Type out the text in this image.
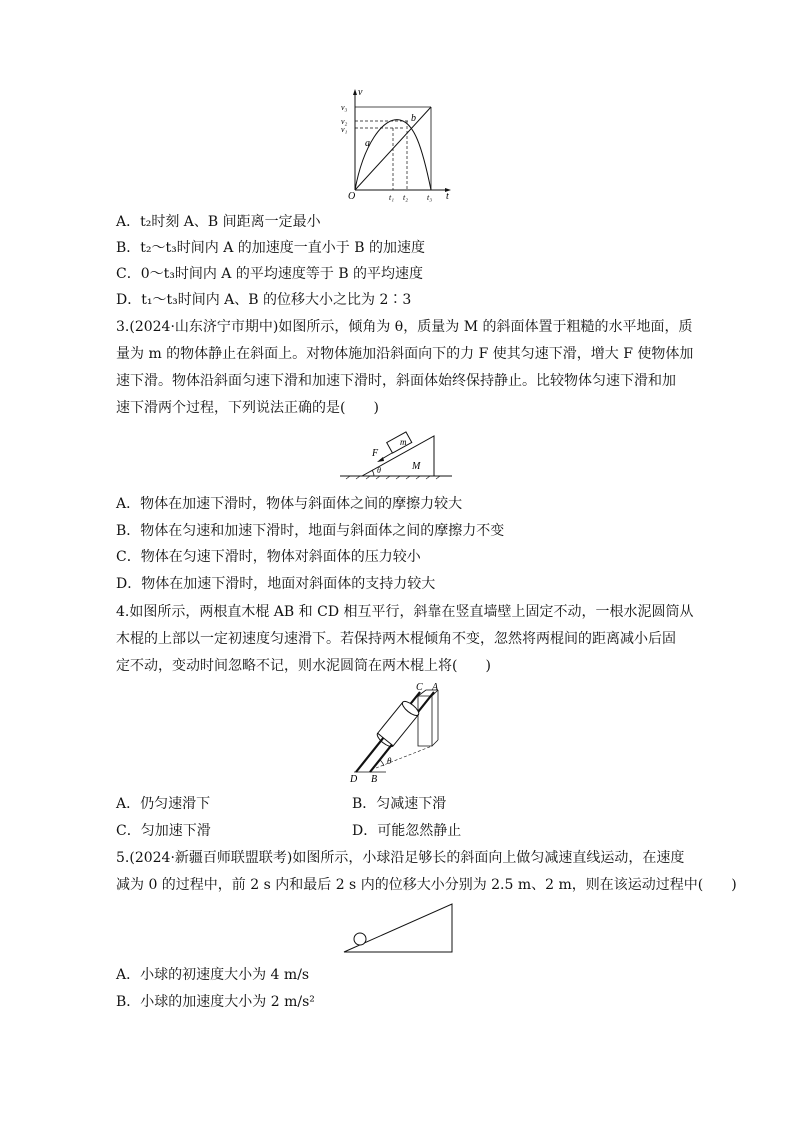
v
t
O
v₃
v₂
v₁
t₁ t₂ t₃
a
b
A．t₂时刻 A、B 间距离一定最小
B．t₂～t₃时间内 A 的加速度一直小于 B 的加速度
C．0～t₃时间内 A 的平均速度等于 B 的平均速度
D．t₁～t₃时间内 A、B 的位移大小之比为 2∶3
3.(2024·山东济宁市期中)如图所示，倾角为 θ，质量为 M 的斜面体置于粗糙的水平地面，质
量为 m 的物体静止在斜面上。对物体施加沿斜面向下的力 F 使其匀速下滑，增大 F 使物体加
速下滑。物体沿斜面匀速下滑和加速下滑时，斜面体始终保持静止。比较物体匀速下滑和加
速下滑两个过程，下列说法正确的是(　　)
F
m
M
θ
A．物体在加速下滑时，物体与斜面体之间的摩擦力较大
B．物体在匀速和加速下滑时，地面与斜面体之间的摩擦力不变
C．物体在匀速下滑时，物体对斜面体的压力较小
D．物体在加速下滑时，地面对斜面体的支持力较大
4.如图所示，两根直木棍 AB 和 CD 相互平行，斜靠在竖直墙壁上固定不动，一根水泥圆筒从
木棍的上部以一定初速度匀速滑下。若保持两木棍倾角不变，忽然将两棍间的距离减小后固
定不动，变动时间忽略不记，则水泥圆筒在两木棍上将(　　)
C A
D B
θ
A．仍匀速滑下	B．匀减速下滑
C．匀加速下滑	D．可能忽然静止
5.(2024·新疆百师联盟联考)如图所示，小球沿足够长的斜面向上做匀减速直线运动，在速度
减为 0 的过程中，前 2 s 内和最后 2 s 内的位移大小分别为 2.5 m、2 m，则在该运动过程中(　　)
A．小球的初速度大小为 4 m/s
B．小球的加速度大小为 2 m/s²
